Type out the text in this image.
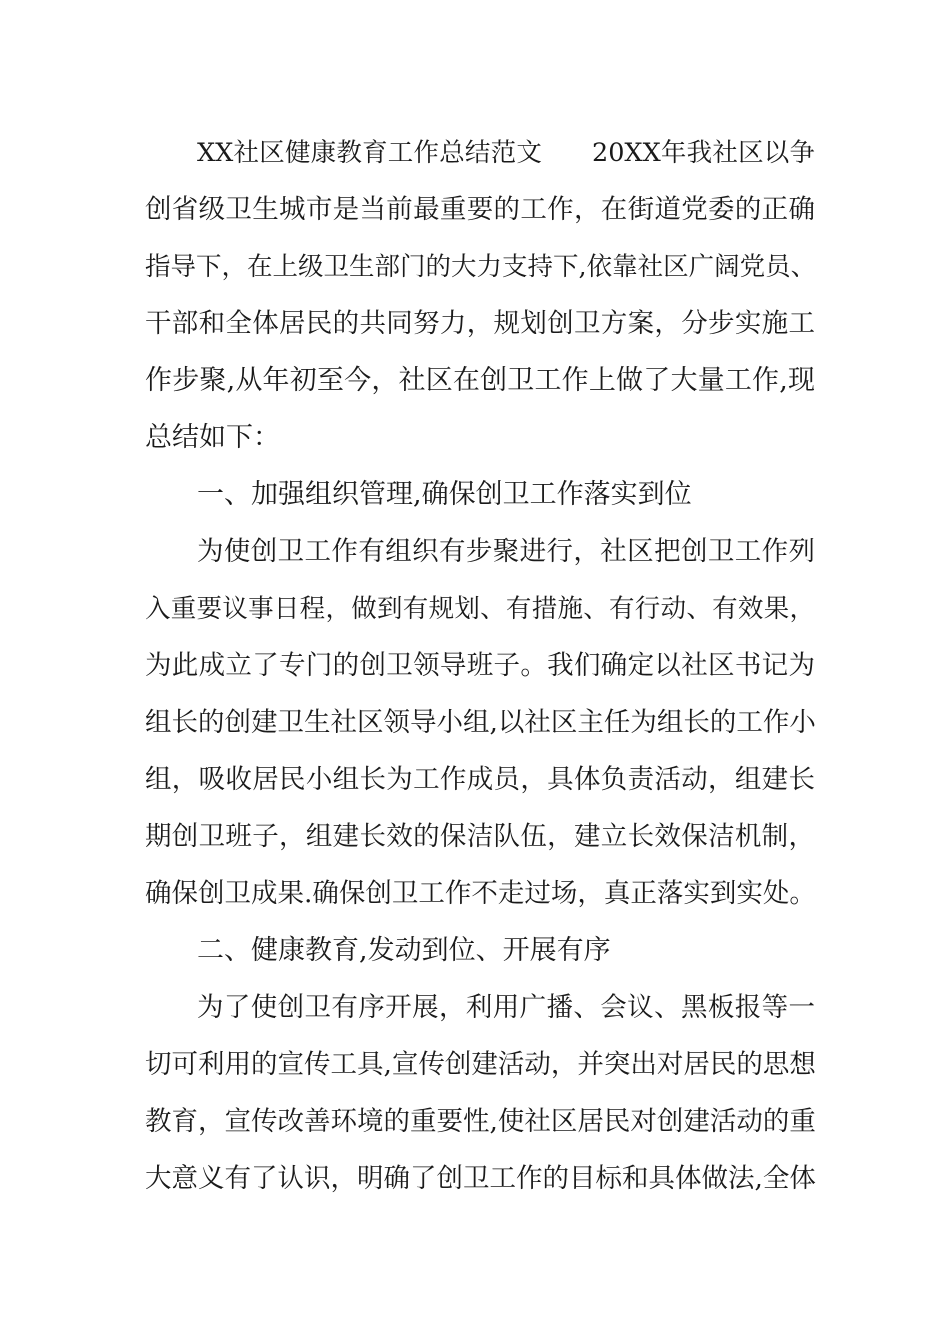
XX社区健康教育工作总结范文      20XX年我社区以争
创省级卫生城市是当前最重要的工作，在街道党委的正确
指导下，在上级卫生部门的大力支持下,依靠社区广阔党员、
干部和全体居民的共同努力，规划创卫方案，分步实施工
作步聚,从年初至今，社区在创卫工作上做了大量工作,现
总结如下：
一、加强组织管理,确保创卫工作落实到位
为使创卫工作有组织有步聚进行，社区把创卫工作列
入重要议事日程，做到有规划、有措施、有行动、有效果，
为此成立了专门的创卫领导班子。我们确定以社区书记为
组长的创建卫生社区领导小组,以社区主任为组长的工作小
组，吸收居民小组长为工作成员，具体负责活动，组建长
期创卫班子，组建长效的保洁队伍，建立长效保洁机制，
确保创卫成果.确保创卫工作不走过场，真正落实到实处。
二、健康教育,发动到位、开展有序
为了使创卫有序开展，利用广播、会议、黑板报等一
切可利用的宣传工具,宣传创建活动，并突出对居民的思想
教育，宣传改善环境的重要性,使社区居民对创建活动的重
大意义有了认识，明确了创卫工作的目标和具体做法,全体
